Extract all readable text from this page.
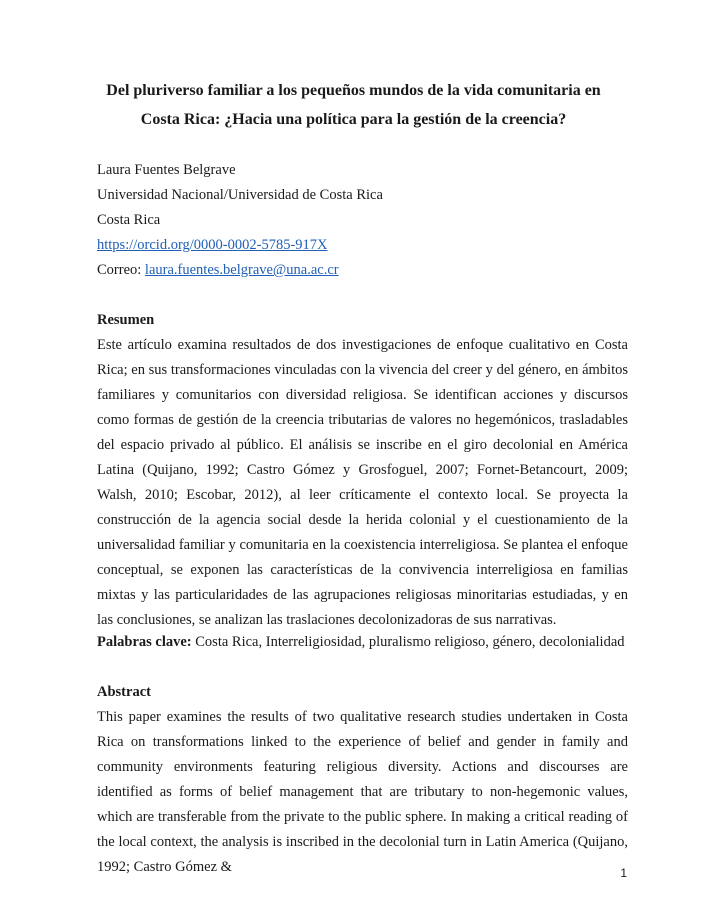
Del pluriverso familiar a los pequeños mundos de la vida comunitaria en
Costa Rica: ¿Hacia una política para la gestión de la creencia?
Laura Fuentes Belgrave
Universidad Nacional/Universidad de Costa Rica
Costa Rica
https://orcid.org/0000-0002-5785-917X
Correo: laura.fuentes.belgrave@una.ac.cr
Resumen

Este artículo examina resultados de dos investigaciones de enfoque cualitativo en Costa Rica; en sus transformaciones vinculadas con la vivencia del creer y del género, en ámbitos familiares y comunitarios con diversidad religiosa. Se identifican acciones y discursos como formas de gestión de la creencia tributarias de valores no hegemónicos, trasladables del espacio privado al público. El análisis se inscribe en el giro decolonial en América Latina (Quijano, 1992; Castro Gómez y Grosfoguel, 2007; Fornet-Betancourt, 2009; Walsh, 2010; Escobar, 2012), al leer críticamente el contexto local. Se proyecta la construcción de la agencia social desde la herida colonial y el cuestionamiento de la universalidad familiar y comunitaria en la coexistencia interreligiosa. Se plantea el enfoque conceptual, se exponen las características de la convivencia interreligiosa en familias mixtas y las particularidades de las agrupaciones religiosas minoritarias estudiadas, y en las conclusiones, se analizan las traslaciones decolonizadoras de sus narrativas.

Palabras clave: Costa Rica, Interreligiosidad, pluralismo religioso, género, decolonialidad
Abstract

This paper examines the results of two qualitative research studies undertaken in Costa Rica on transformations linked to the experience of belief and gender in family and community environments featuring religious diversity. Actions and discourses are identified as forms of belief management that are tributary to non-hegemonic values, which are transferable from the private to the public sphere. In making a critical reading of the local context, the analysis is inscribed in the decolonial turn in Latin America (Quijano, 1992; Castro Gómez &	1
